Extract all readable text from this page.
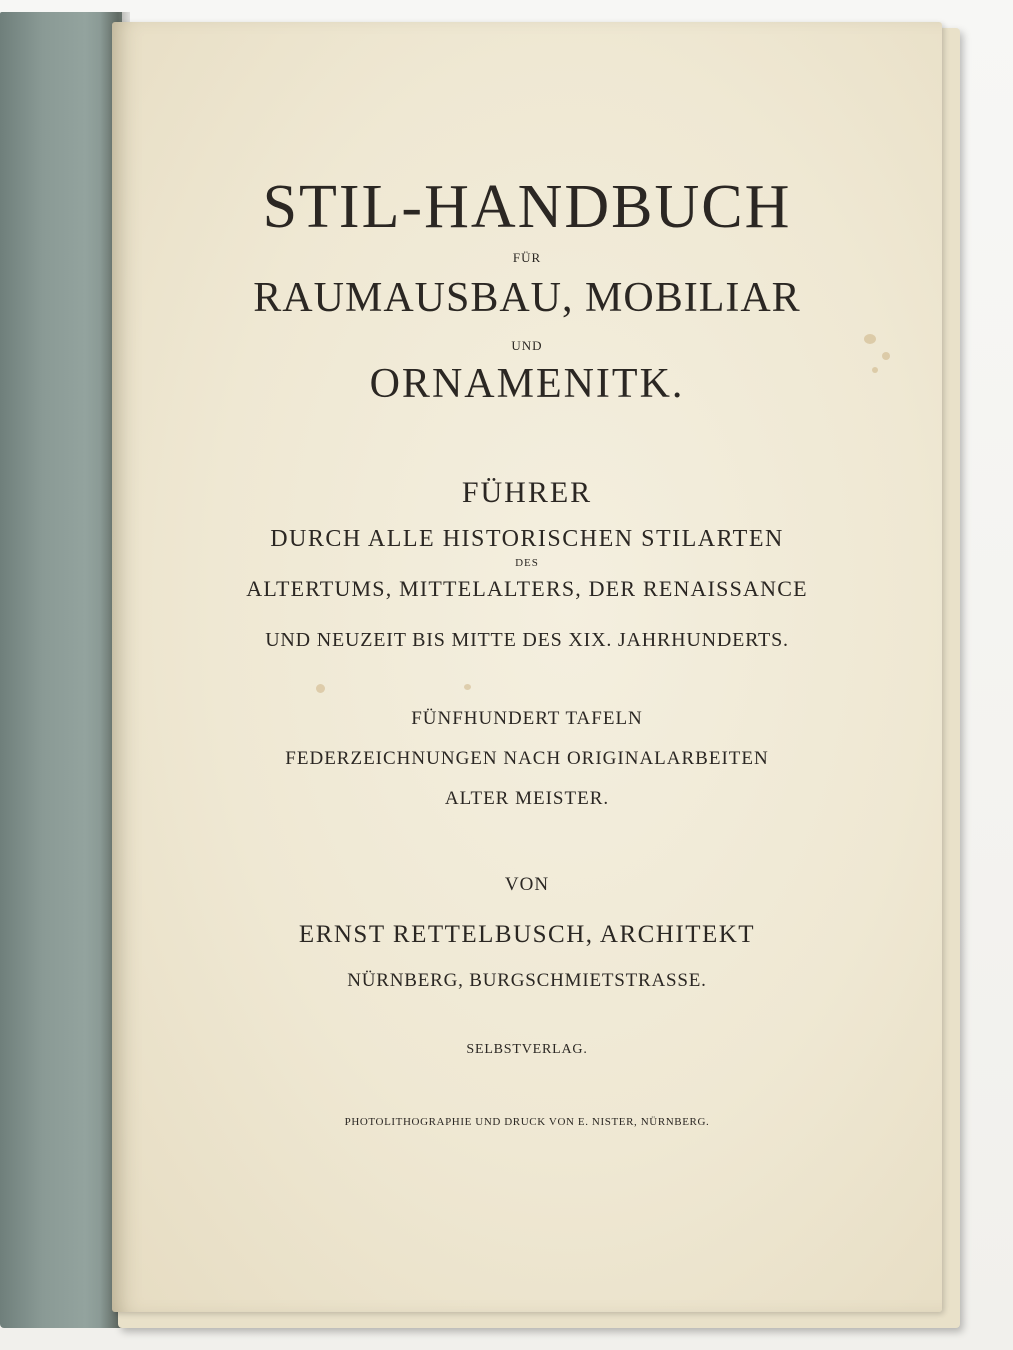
STIL-HANDBUCH
FÜR
RAUMAUSBAU, MOBILIAR
UND
ORNAMENITK.
FÜHRER
DURCH ALLE HISTORISCHEN STILARTEN
DES
ALTERTUMS, MITTELALTERS, DER RENAISSANCE
UND NEUZEIT BIS MITTE DES XIX. JAHRHUNDERTS.
FÜNFHUNDERT TAFELN
FEDERZEICHNUNGEN NACH ORIGINALARBEITEN
ALTER MEISTER.
VON
ERNST RETTELBUSCH, ARCHITEKT
NÜRNBERG, BURGSCHMIETSTRASSE.
SELBSTVERLAG.
PHOTOLITHOGRAPHIE UND DRUCK VON E. NISTER, NÜRNBERG.
